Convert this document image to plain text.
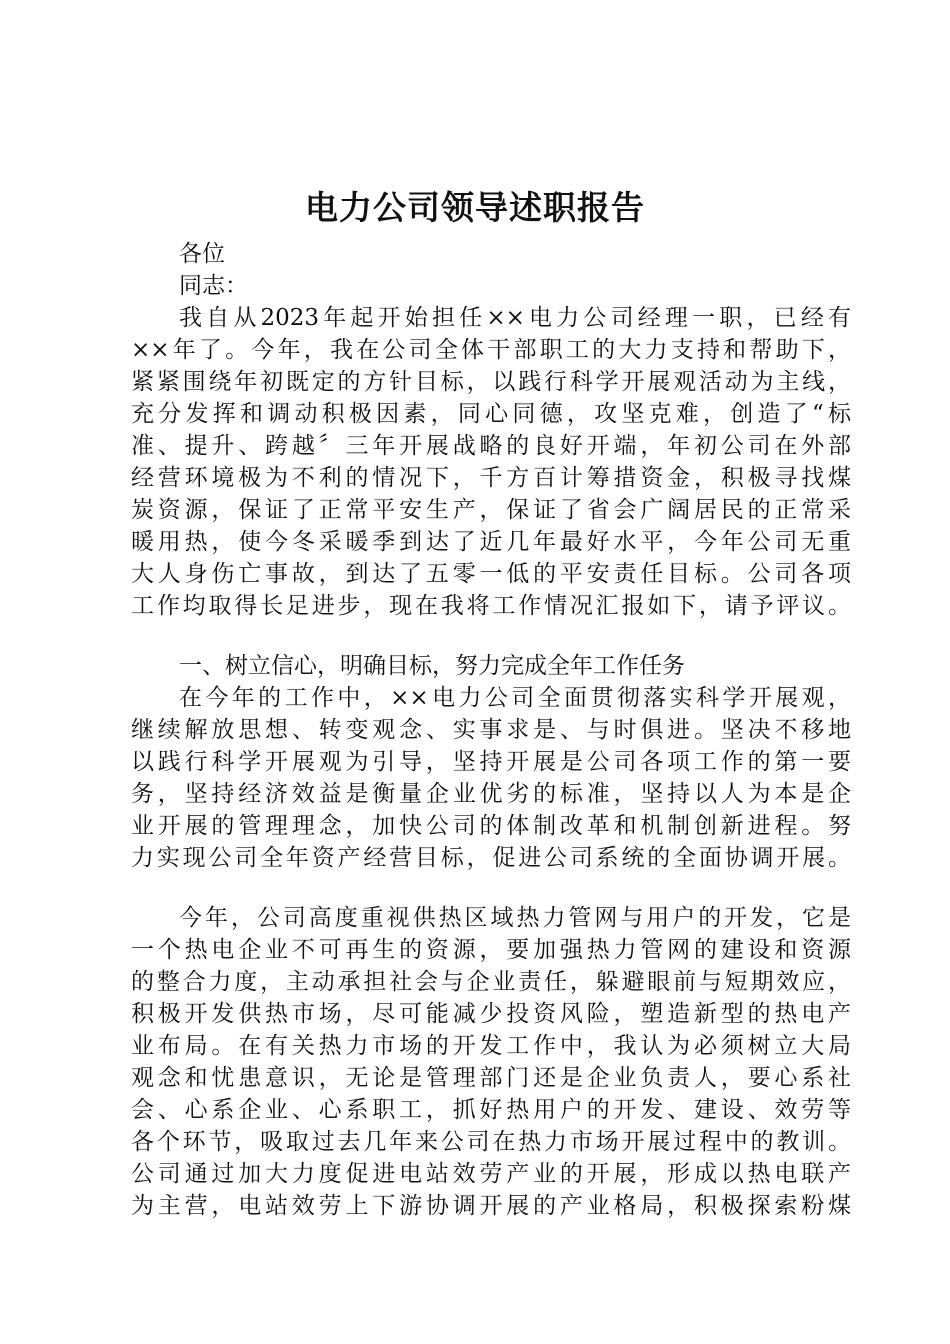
电力公司领导述职报告

各位

同志：

我自从2023年起开始担任××电力公司经理一职，已经有

××年了。今年，我在公司全体干部职工的大力支持和帮助下，

紧紧围绕年初既定的方针目标，以践行科学开展观活动为主线，

充分发挥和调动积极因素，同心同德，攻坚克难，创造了“标

准、提升、跨越〞三年开展战略的良好开端，年初公司在外部

经营环境极为不利的情况下，千方百计筹措资金，积极寻找煤

炭资源，保证了正常平安生产，保证了省会广阔居民的正常采

暖用热，使今冬采暖季到达了近几年最好水平，今年公司无重

大人身伤亡事故，到达了五零一低的平安责任目标。公司各项

工作均取得长足进步，现在我将工作情况汇报如下，请予评议。

一、树立信心，明确目标，努力完成全年工作任务

在今年的工作中，××电力公司全面贯彻落实科学开展观，

继续解放思想、转变观念、实事求是、与时俱进。坚决不移地

以践行科学开展观为引导，坚持开展是公司各项工作的第一要

务，坚持经济效益是衡量企业优劣的标准，坚持以人为本是企

业开展的管理理念，加快公司的体制改革和机制创新进程。努

力实现公司全年资产经营目标，促进公司系统的全面协调开展。

今年，公司高度重视供热区域热力管网与用户的开发，它是

一个热电企业不可再生的资源，要加强热力管网的建设和资源

的整合力度，主动承担社会与企业责任，躲避眼前与短期效应，

积极开发供热市场，尽可能减少投资风险，塑造新型的热电产

业布局。在有关热力市场的开发工作中，我认为必须树立大局

观念和忧患意识，无论是管理部门还是企业负责人，要心系社

会、心系企业、心系职工，抓好热用户的开发、建设、效劳等

各个环节，吸取过去几年来公司在热力市场开展过程中的教训。

公司通过加大力度促进电站效劳产业的开展，形成以热电联产

为主营，电站效劳上下游协调开展的产业格局，积极探索粉煤
